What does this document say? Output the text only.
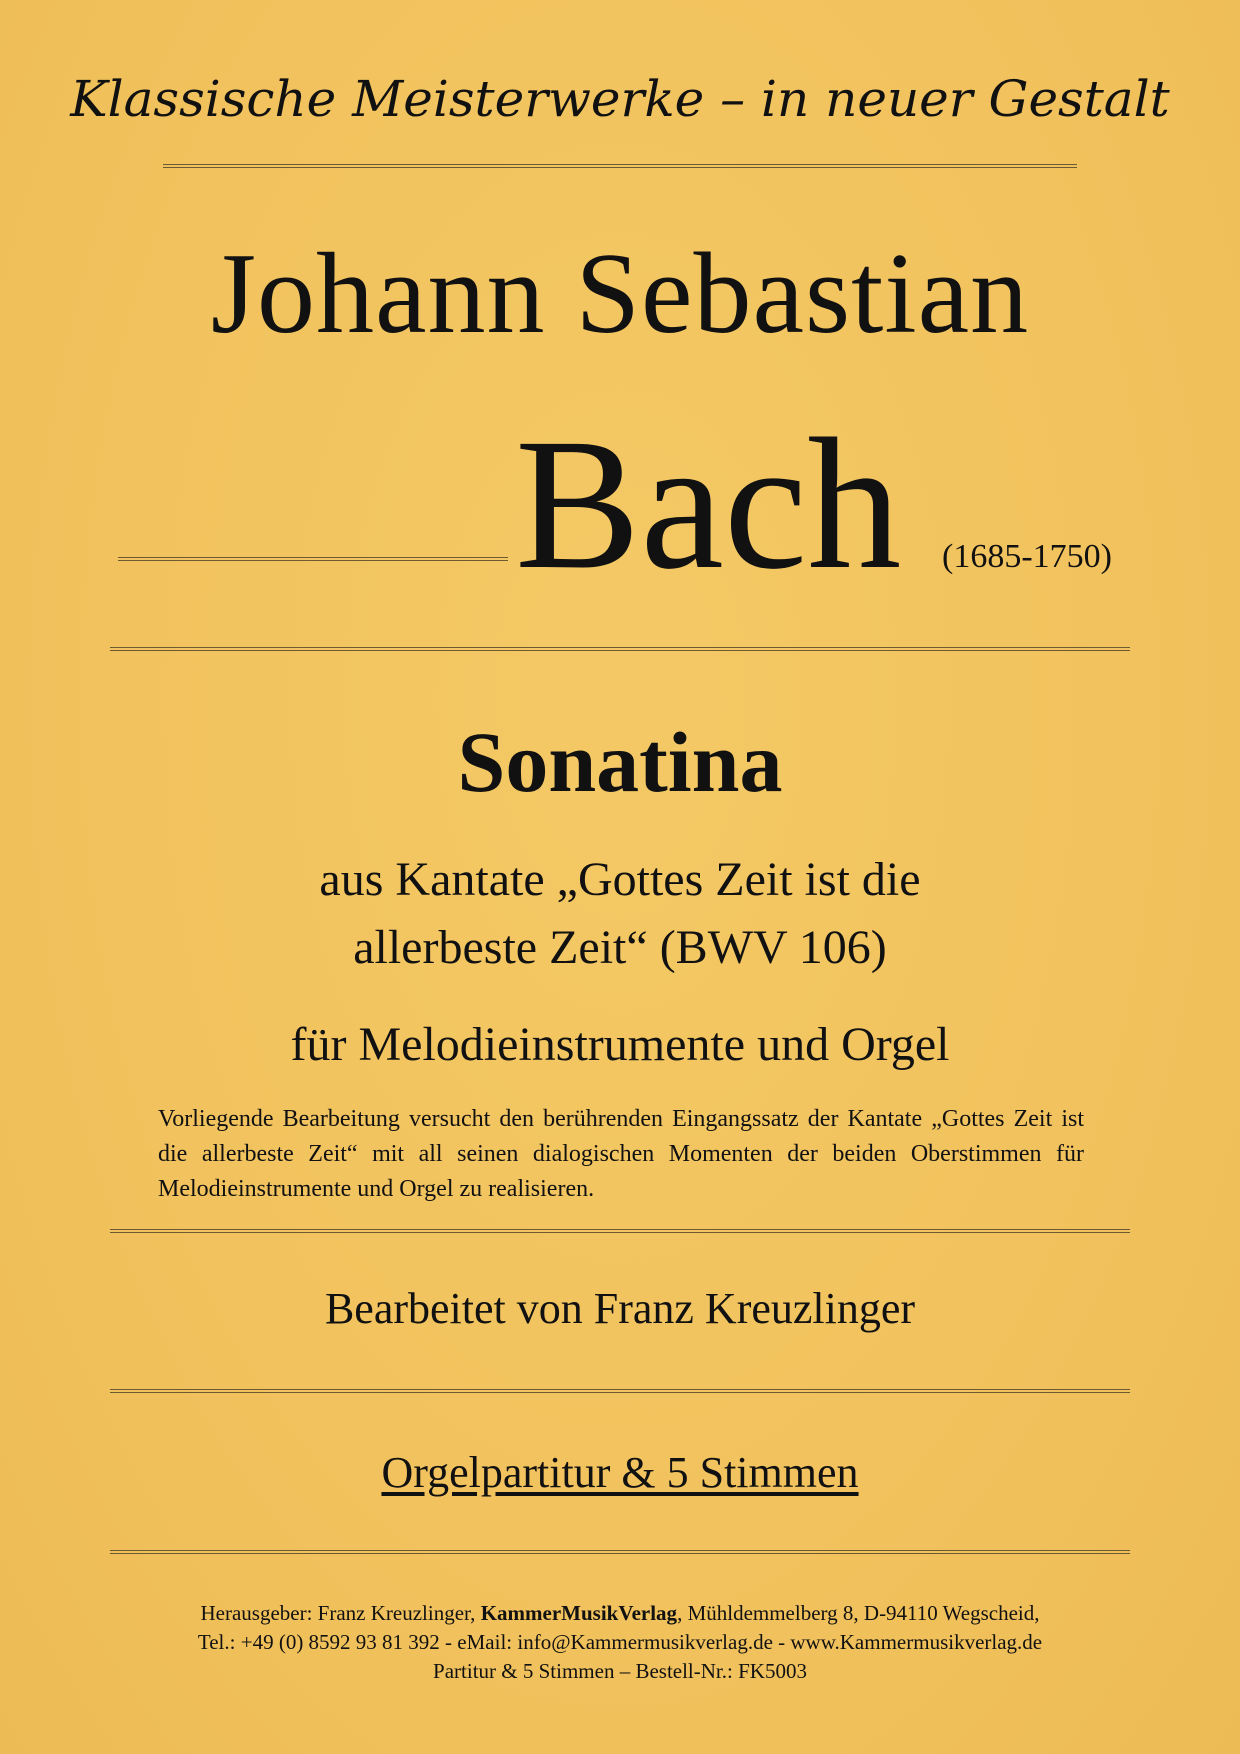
Klassische Meisterwerke – in neuer Gestalt
Johann Sebastian
Bach (1685-1750)
Sonatina
aus Kantate „Gottes Zeit ist die
allerbeste Zeit“ (BWV 106)
für Melodieinstrumente und Orgel
Vorliegende Bearbeitung versucht den berührenden Eingangssatz der Kantate „Gottes Zeit ist die allerbeste Zeit“ mit all seinen dialogischen Momenten der beiden Oberstimmen für Melodieinstrumente und Orgel zu realisieren.
Bearbeitet von Franz Kreuzlinger
Orgelpartitur & 5 Stimmen
Herausgeber: Franz Kreuzlinger, KammerMusikVerlag, Mühldemmelberg 8, D-94110 Wegscheid,
Tel.: +49 (0) 8592 93 81 392 - eMail: info@Kammermusikverlag.de - www.Kammermusikverlag.de
Partitur & 5 Stimmen – Bestell-Nr.: FK5003
